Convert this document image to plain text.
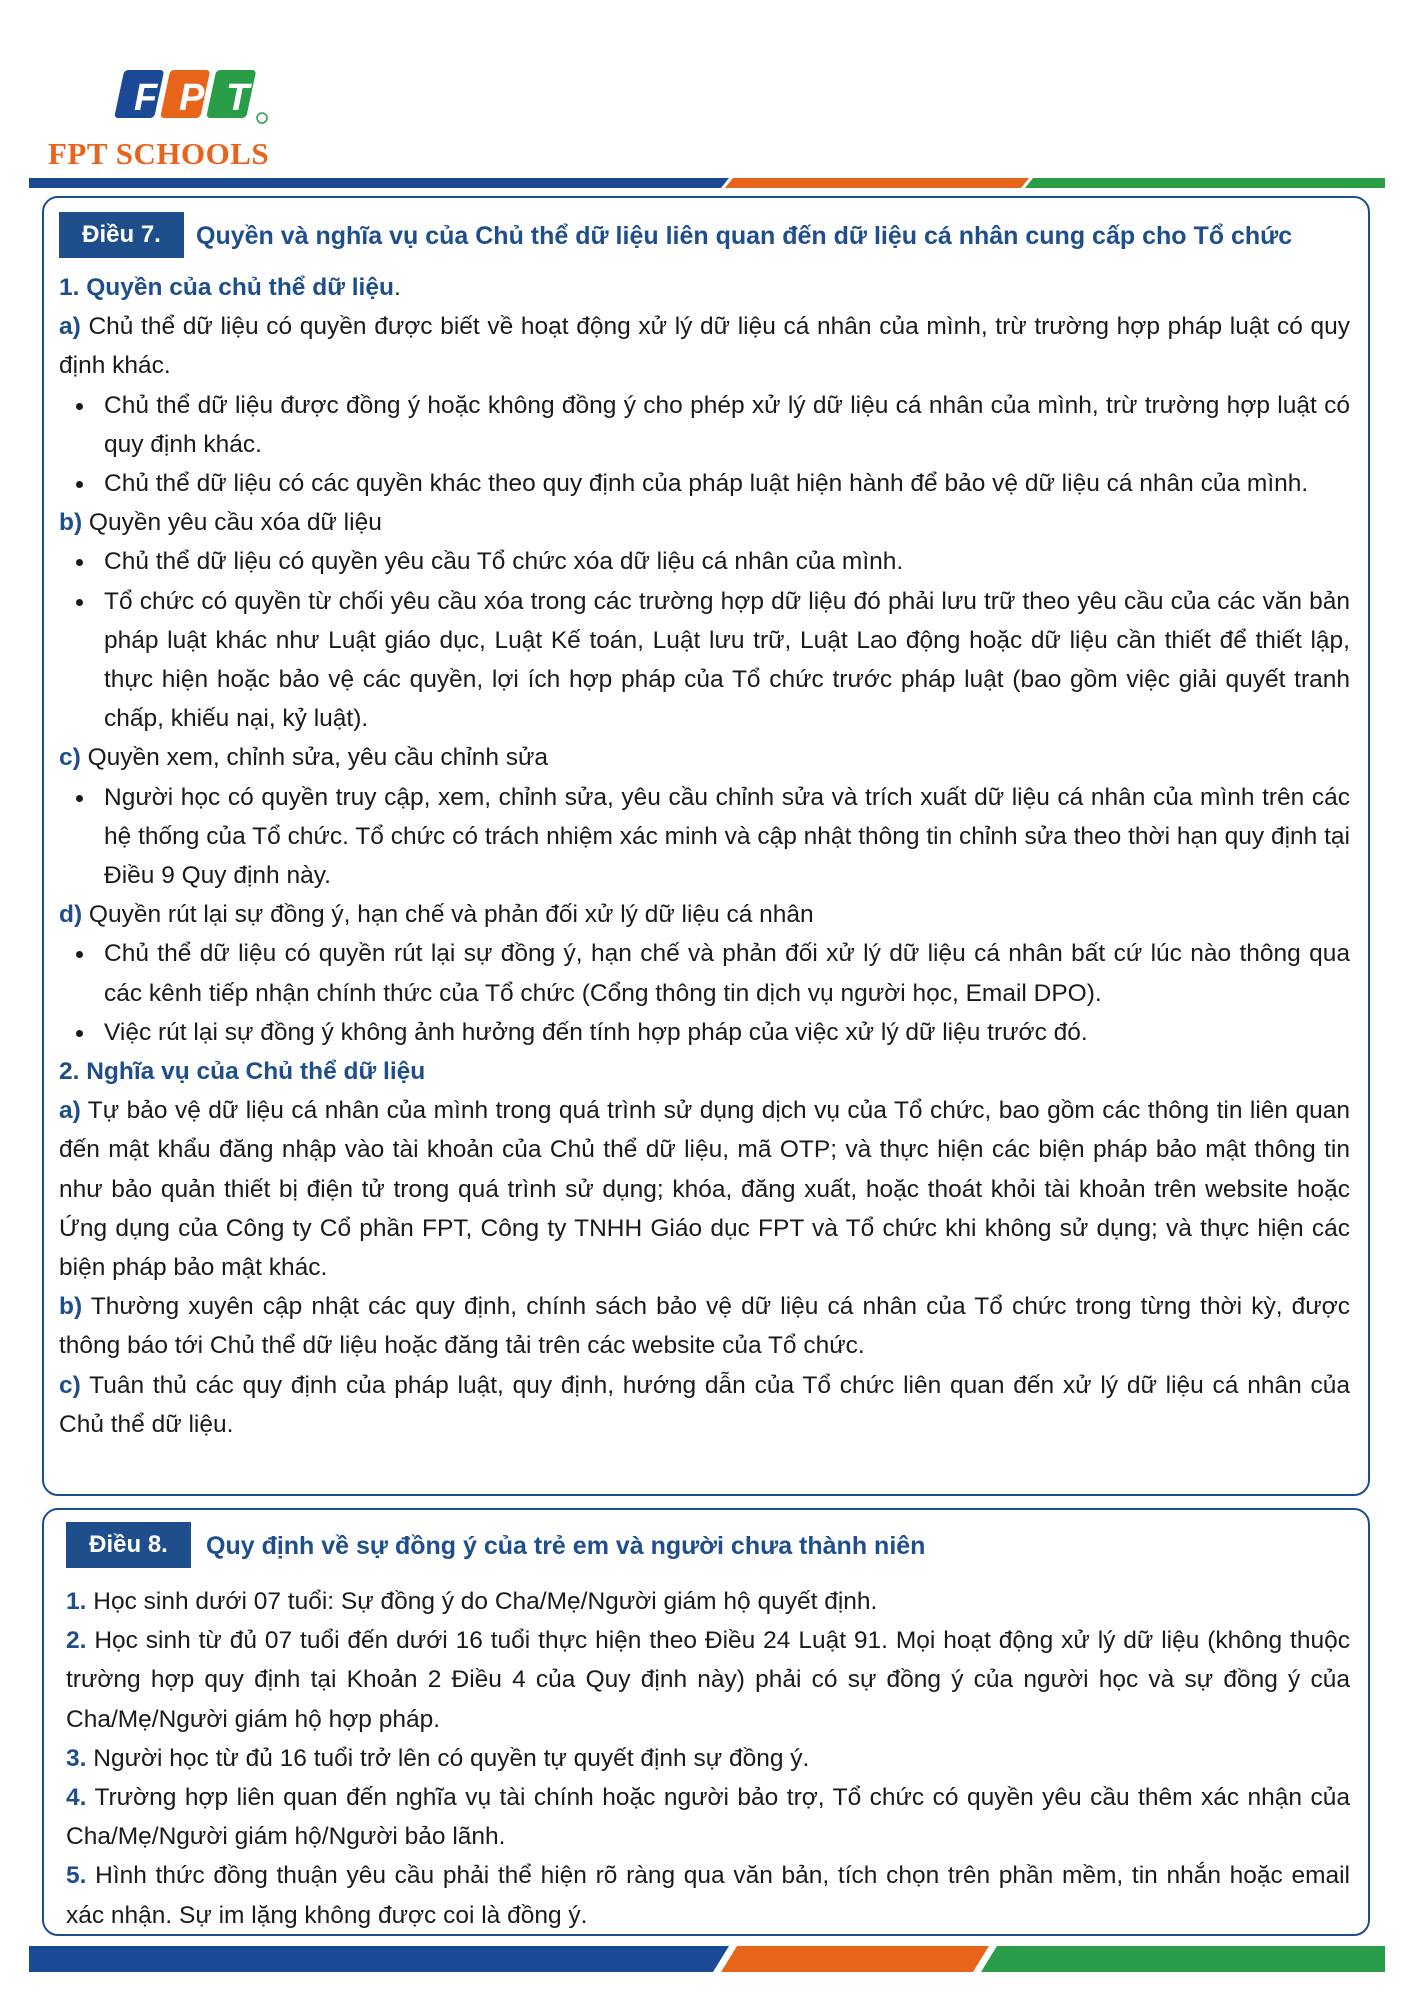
F P T
FPT SCHOOLS
Điều 7.	Quyền và nghĩa vụ của Chủ thể dữ liệu liên quan đến dữ liệu cá nhân cung cấp cho Tổ chức

1. Quyền của chủ thể dữ liệu.

a) Chủ thể dữ liệu có quyền được biết về hoạt động xử lý dữ liệu cá nhân của mình, trừ trường hợp pháp luật có quy định khác.

Chủ thể dữ liệu được đồng ý hoặc không đồng ý cho phép xử lý dữ liệu cá nhân của mình, trừ trường hợp luật có quy định khác.
Chủ thể dữ liệu có các quyền khác theo quy định của pháp luật hiện hành để bảo vệ dữ liệu cá nhân của mình.

b) Quyền yêu cầu xóa dữ liệu

Chủ thể dữ liệu có quyền yêu cầu Tổ chức xóa dữ liệu cá nhân của mình.
Tổ chức có quyền từ chối yêu cầu xóa trong các trường hợp dữ liệu đó phải lưu trữ theo yêu cầu của các văn bản pháp luật khác như Luật giáo dục, Luật Kế toán, Luật lưu trữ, Luật Lao động hoặc dữ liệu cần thiết để thiết lập, thực hiện hoặc bảo vệ các quyền, lợi ích hợp pháp của Tổ chức trước pháp luật (bao gồm việc giải quyết tranh chấp, khiếu nại, kỷ luật).

c) Quyền xem, chỉnh sửa, yêu cầu chỉnh sửa

Người học có quyền truy cập, xem, chỉnh sửa, yêu cầu chỉnh sửa và trích xuất dữ liệu cá nhân của mình trên các hệ thống của Tổ chức. Tổ chức có trách nhiệm xác minh và cập nhật thông tin chỉnh sửa theo thời hạn quy định tại Điều 9 Quy định này.

d) Quyền rút lại sự đồng ý, hạn chế và phản đối xử lý dữ liệu cá nhân

Chủ thể dữ liệu có quyền rút lại sự đồng ý, hạn chế và phản đối xử lý dữ liệu cá nhân bất cứ lúc nào thông qua các kênh tiếp nhận chính thức của Tổ chức (Cổng thông tin dịch vụ người học, Email DPO).
Việc rút lại sự đồng ý không ảnh hưởng đến tính hợp pháp của việc xử lý dữ liệu trước đó.

2. Nghĩa vụ của Chủ thể dữ liệu

a) Tự bảo vệ dữ liệu cá nhân của mình trong quá trình sử dụng dịch vụ của Tổ chức, bao gồm các thông tin liên quan đến mật khẩu đăng nhập vào tài khoản của Chủ thể dữ liệu, mã OTP; và thực hiện các biện pháp bảo mật thông tin như bảo quản thiết bị điện tử trong quá trình sử dụng; khóa, đăng xuất, hoặc thoát khỏi tài khoản trên website hoặc Ứng dụng của Công ty Cổ phần FPT, Công ty TNHH Giáo dục FPT và Tổ chức khi không sử dụng; và thực hiện các biện pháp bảo mật khác.

b) Thường xuyên cập nhật các quy định, chính sách bảo vệ dữ liệu cá nhân của Tổ chức trong từng thời kỳ, được thông báo tới Chủ thể dữ liệu hoặc đăng tải trên các website của Tổ chức.

c) Tuân thủ các quy định của pháp luật, quy định, hướng dẫn của Tổ chức liên quan đến xử lý dữ liệu cá nhân của Chủ thể dữ liệu.

Điều 8.	Quy định về sự đồng ý của trẻ em và người chưa thành niên

1. Học sinh dưới 07 tuổi: Sự đồng ý do Cha/Mẹ/Người giám hộ quyết định.

2. Học sinh từ đủ 07 tuổi đến dưới 16 tuổi thực hiện theo Điều 24 Luật 91. Mọi hoạt động xử lý dữ liệu (không thuộc trường hợp quy định tại Khoản 2 Điều 4 của Quy định này) phải có sự đồng ý của người học và sự đồng ý của Cha/Mẹ/Người giám hộ hợp pháp.

3. Người học từ đủ 16 tuổi trở lên có quyền tự quyết định sự đồng ý.

4. Trường hợp liên quan đến nghĩa vụ tài chính hoặc người bảo trợ, Tổ chức có quyền yêu cầu thêm xác nhận của Cha/Mẹ/Người giám hộ/Người bảo lãnh.

5. Hình thức đồng thuận yêu cầu phải thể hiện rõ ràng qua văn bản, tích chọn trên phần mềm, tin nhắn hoặc email xác nhận. Sự im lặng không được coi là đồng ý.
